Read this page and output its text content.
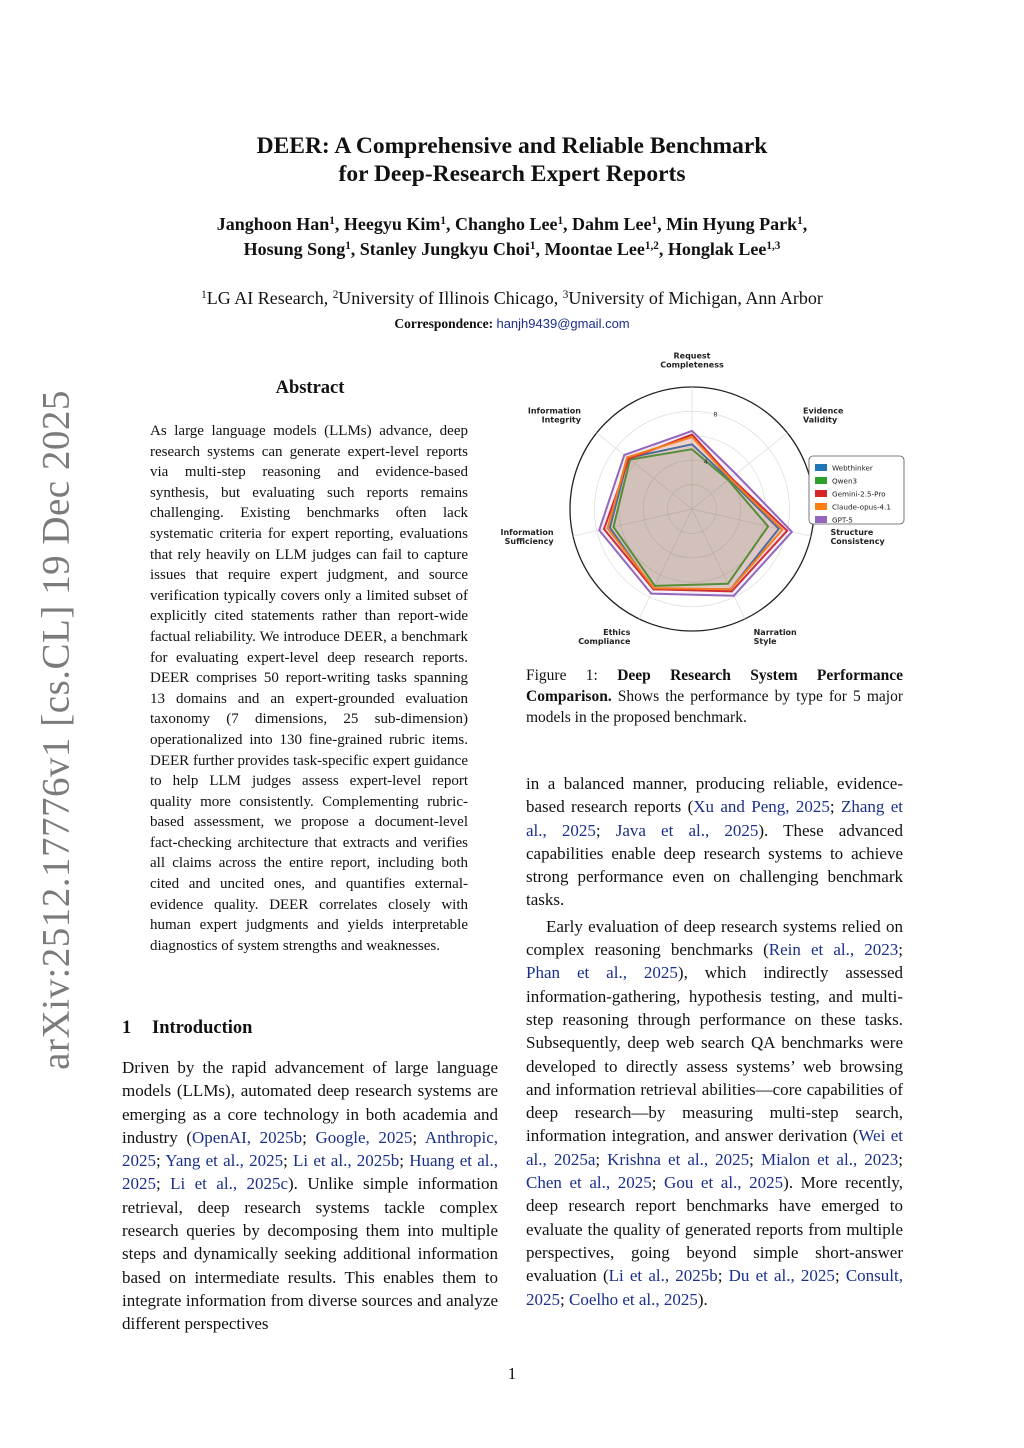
arXiv:2512.17776v1 [cs.CL] 19 Dec 2025
DEER: A Comprehensive and Reliable Benchmark
for Deep-Research Expert Reports
Janghoon Han$^1$, Heegyu Kim$^1$, Changho Lee$^1$, Dahm Lee$^1$, Min Hyung Park$^1$,
Hosung Song$^1$, Stanley Jungkyu Choi$^1$, Moontae Lee$^{1,2}$, Honglak Lee$^{1,3}$
$^1$LG AI Research, $^2$University of Illinois Chicago, $^3$University of Michigan, Ann Arbor
Correspondence: hanjh9439@gmail.com
Abstract
As large language models (LLMs) advance, deep research systems can generate expert-level reports via multi-step reasoning and evidence-based synthesis, but evaluating such reports remains challenging. Existing benchmarks often lack systematic criteria for expert reporting, evaluations that rely heavily on LLM judges can fail to capture issues that require expert judgment, and source verification typically covers only a limited subset of explicitly cited statements rather than report-wide factual reliability. We introduce DEER, a benchmark for evaluating expert-level deep research reports. DEER comprises 50 report-writing tasks spanning 13 domains and an expert-grounded evaluation taxonomy (7 dimensions, 25 sub-dimension) operationalized into 130 fine-grained rubric items. DEER further provides task-specific expert guidance to help LLM judges assess expert-level report quality more consistently. Complementing rubric-based assessment, we propose a document-level fact-checking architecture that extracts and verifies all claims across the entire report, including both cited and uncited ones, and quantifies external-evidence quality. DEER correlates closely with human expert judgments and yields interpretable diagnostics of system strengths and weaknesses.
1 Introduction

Driven by the rapid advancement of large language models (LLMs), automated deep research systems are emerging as a core technology in both academia and industry (OpenAI, 2025b; Google, 2025; Anthropic, 2025; Yang et al., 2025; Li et al., 2025b; Huang et al., 2025; Li et al., 2025c). Unlike simple information retrieval, deep research systems tackle complex research queries by decomposing them into multiple steps and dynamically seeking additional information based on intermediate results. This enables them to integrate information from diverse sources and analyze different perspectives

Request Completeness
Evidence Validity
Structure Consistency
Narration Style
Ethics Compliance
Information Sufficiency
Information Integrity
4
8
Webthinker
Qwen3
Gemini-2.5-Pro
Claude-opus-4.1
GPT-5
Figure 1: Deep Research System Performance Comparison. Shows the performance by type for 5 major models in the proposed benchmark.

in a balanced manner, producing reliable, evidence-based research reports (Xu and Peng, 2025; Zhang et al., 2025; Java et al., 2025). These advanced capabilities enable deep research systems to achieve strong performance even on challenging benchmark tasks.

Early evaluation of deep research systems relied on complex reasoning benchmarks (Rein et al., 2023; Phan et al., 2025), which indirectly assessed information-gathering, hypothesis testing, and multi-step reasoning through performance on these tasks. Subsequently, deep web search QA benchmarks were developed to directly assess systems’ web browsing and information retrieval abilities—core capabilities of deep research—by measuring multi-step search, information integration, and answer derivation (Wei et al., 2025a; Krishna et al., 2025; Mialon et al., 2023; Chen et al., 2025; Gou et al., 2025). More recently, deep research report benchmarks have emerged to evaluate the quality of generated reports from multiple perspectives, going beyond simple short-answer evaluation (Li et al., 2025b; Du et al., 2025; Consult, 2025; Coelho et al., 2025).

1
